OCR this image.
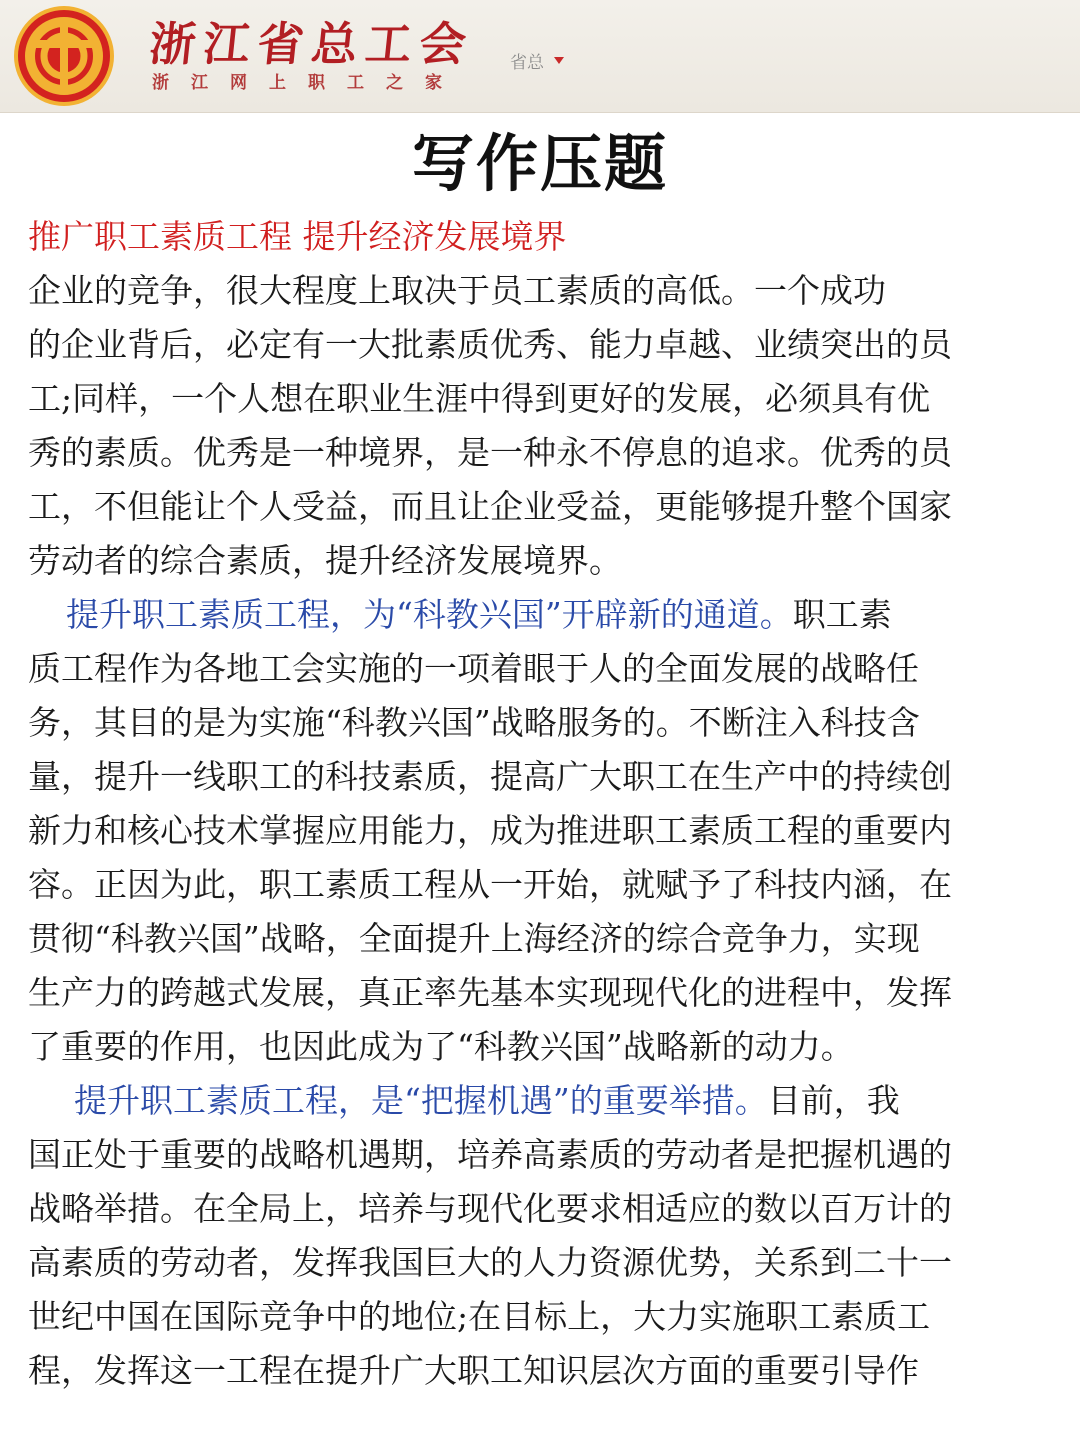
浙江省总工会
浙江网上职工之家
省总
写作压题
推广职工素质工程 提升经济发展境界
企业的竞争，很大程度上取决于员工素质的高低。一个成功
的企业背后，必定有一大批素质优秀、能力卓越、业绩突出的员
工;同样，一个人想在职业生涯中得到更好的发展，必须具有优
秀的素质。优秀是一种境界，是一种永不停息的追求。优秀的员
工，不但能让个人受益，而且让企业受益，更能够提升整个国家
劳动者的综合素质，提升经济发展境界。
提升职工素质工程，为“科教兴国”开辟新的通道。职工素
质工程作为各地工会实施的一项着眼于人的全面发展的战略任
务，其目的是为实施“科教兴国”战略服务的。不断注入科技含
量，提升一线职工的科技素质，提高广大职工在生产中的持续创
新力和核心技术掌握应用能力，成为推进职工素质工程的重要内
容。正因为此，职工素质工程从一开始，就赋予了科技内涵，在
贯彻“科教兴国”战略，全面提升上海经济的综合竞争力，实现
生产力的跨越式发展，真正率先基本实现现代化的进程中，发挥
了重要的作用，也因此成为了“科教兴国”战略新的动力。
提升职工素质工程，是“把握机遇”的重要举措。目前，我
国正处于重要的战略机遇期，培养高素质的劳动者是把握机遇的
战略举措。在全局上，培养与现代化要求相适应的数以百万计的
高素质的劳动者，发挥我国巨大的人力资源优势，关系到二十一
世纪中国在国际竞争中的地位;在目标上，大力实施职工素质工
程，发挥这一工程在提升广大职工知识层次方面的重要引导作
